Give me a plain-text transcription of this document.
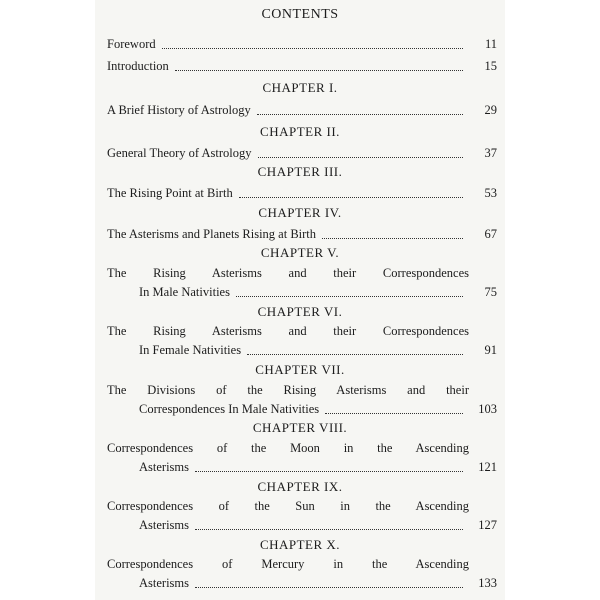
CONTENTS
Foreword	11
Introduction	15
CHAPTER I.
A Brief History of Astrology	29
CHAPTER II.
General Theory of Astrology	37
CHAPTER III.
The Rising Point at Birth	53
CHAPTER IV.
The Asterisms and Planets Rising at Birth	67
CHAPTER V.
The Rising Asterisms and their Correspondences
In Male Nativities	75
CHAPTER VI.
The Rising Asterisms and their Correspondences
In Female Nativities	91
CHAPTER VII.
The Divisions of the Rising Asterisms and their
Correspondences In Male Nativities	103
CHAPTER VIII.
Correspondences of the Moon in the Ascending
Asterisms	121
CHAPTER IX.
Correspondences of the Sun in the Ascending
Asterisms	127
CHAPTER X.
Correspondences of Mercury in the Ascending
Asterisms	133
